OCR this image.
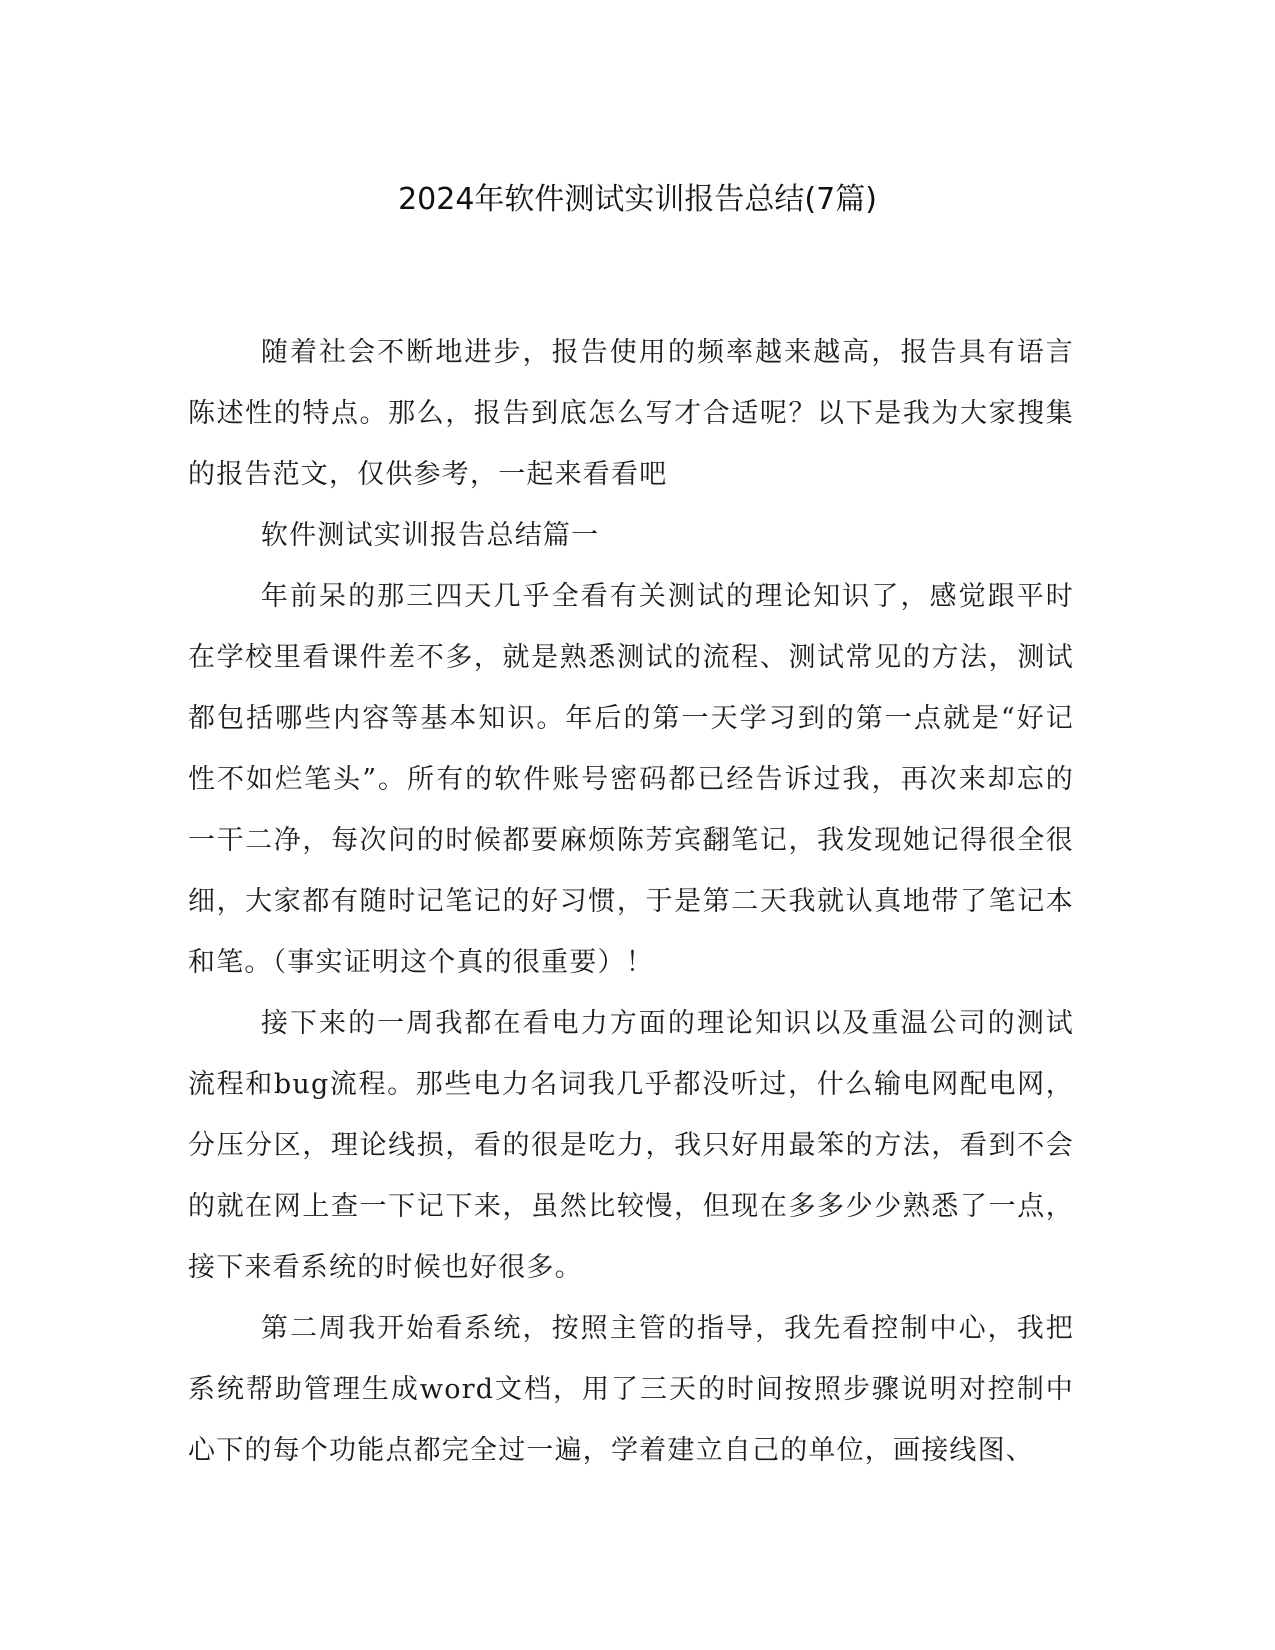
2024年软件测试实训报告总结(7篇)

随着社会不断地进步，报告使用的频率越来越高，报告具有语言陈述性的特点。那么，报告到底怎么写才合适呢？以下是我为大家搜集的报告范文，仅供参考，一起来看看吧

软件测试实训报告总结篇一

年前呆的那三四天几乎全看有关测试的理论知识了，感觉跟平时在学校里看课件差不多，就是熟悉测试的流程、测试常见的方法，测试都包括哪些内容等基本知识。年后的第一天学习到的第一点就是“好记性不如烂笔头”。所有的软件账号密码都已经告诉过我，再次来却忘的一干二净，每次问的时候都要麻烦陈芳宾翻笔记，我发现她记得很全很细，大家都有随时记笔记的好习惯，于是第二天我就认真地带了笔记本和笔。（事实证明这个真的很重要）！

接下来的一周我都在看电力方面的理论知识以及重温公司的测试流程和bug流程。那些电力名词我几乎都没听过，什么输电网配电网，分压分区，理论线损，看的很是吃力，我只好用最笨的方法，看到不会的就在网上查一下记下来，虽然比较慢，但现在多多少少熟悉了一点，接下来看系统的时候也好很多。

第二周我开始看系统，按照主管的指导，我先看控制中心，我把系统帮助管理生成word文档，用了三天的时间按照步骤说明对控制中心下的每个功能点都完全过一遍，学着建立自己的单位，画接线图、
